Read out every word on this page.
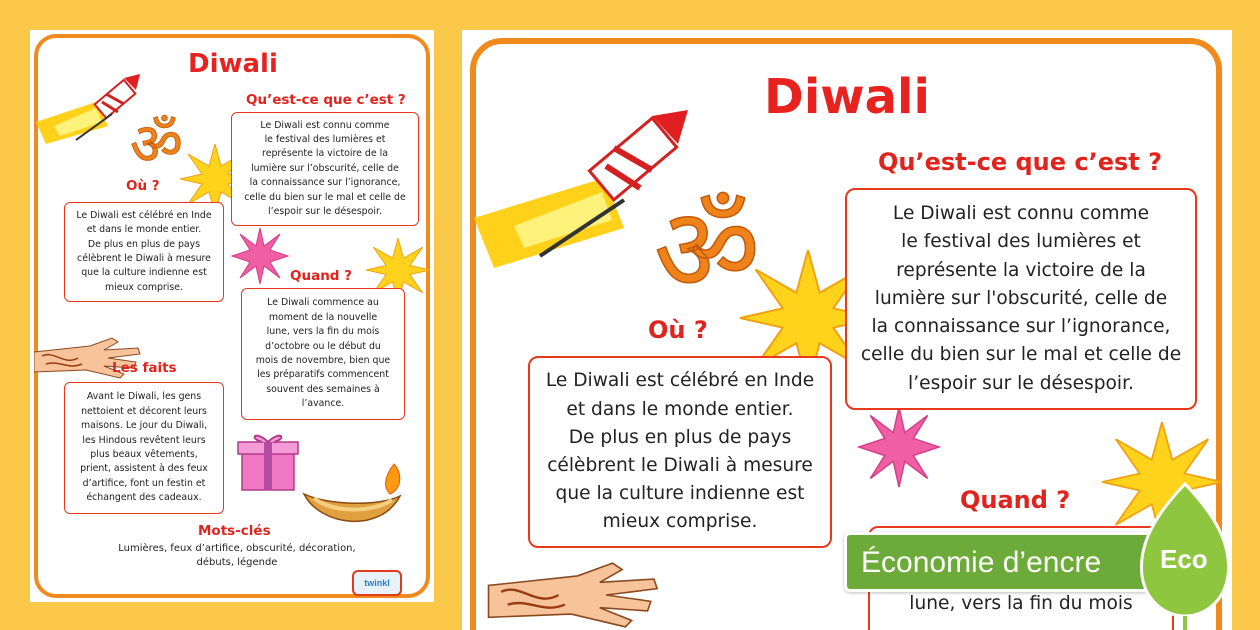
ॐ
Diwali
Qu’est-ce que c’est ?
Le Diwali est connu comme
le festival des lumières et
représente la victoire de la
lumière sur l’obscurité, celle de
la connaissance sur l’ignorance,
celle du bien sur le mal et celle de
l’espoir sur le désespoir.
Où ?
Le Diwali est célébré en Inde
et dans le monde entier.
De plus en plus de pays
célèbrent le Diwali à mesure
que la culture indienne est
mieux comprise.
Quand ?
Le Diwali commence au
moment de la nouvelle
lune, vers la fin du mois
d’octobre ou le début du
mois de novembre, bien que
les préparatifs commencent
souvent des semaines à
l’avance.
Les faits
Avant le Diwali, les gens
nettoient et décorent leurs
maisons. Le jour du Diwali,
les Hindous revêtent leurs
plus beaux vêtements,
prient, assistent à des feux
d’artifice, font un festin et
échangent des cadeaux.
Mots-clés
Lumières, feux d’artifice, obscurité, décoration,
débuts, légende
twinkl
ॐ
Diwali
Qu’est-ce que c’est ?
Le Diwali est connu comme
le festival des lumières et
représente la victoire de la
lumière sur l'obscurité, celle de
la connaissance sur l’ignorance,
celle du bien sur le mal et celle de
l’espoir sur le désespoir.
Où ?
Le Diwali est célébré en Inde
et dans le monde entier.
De plus en plus de pays
célèbrent le Diwali à mesure
que la culture indienne est
mieux comprise.
Quand ?
lune, vers la fin du mois
Économie d’encre Eco
